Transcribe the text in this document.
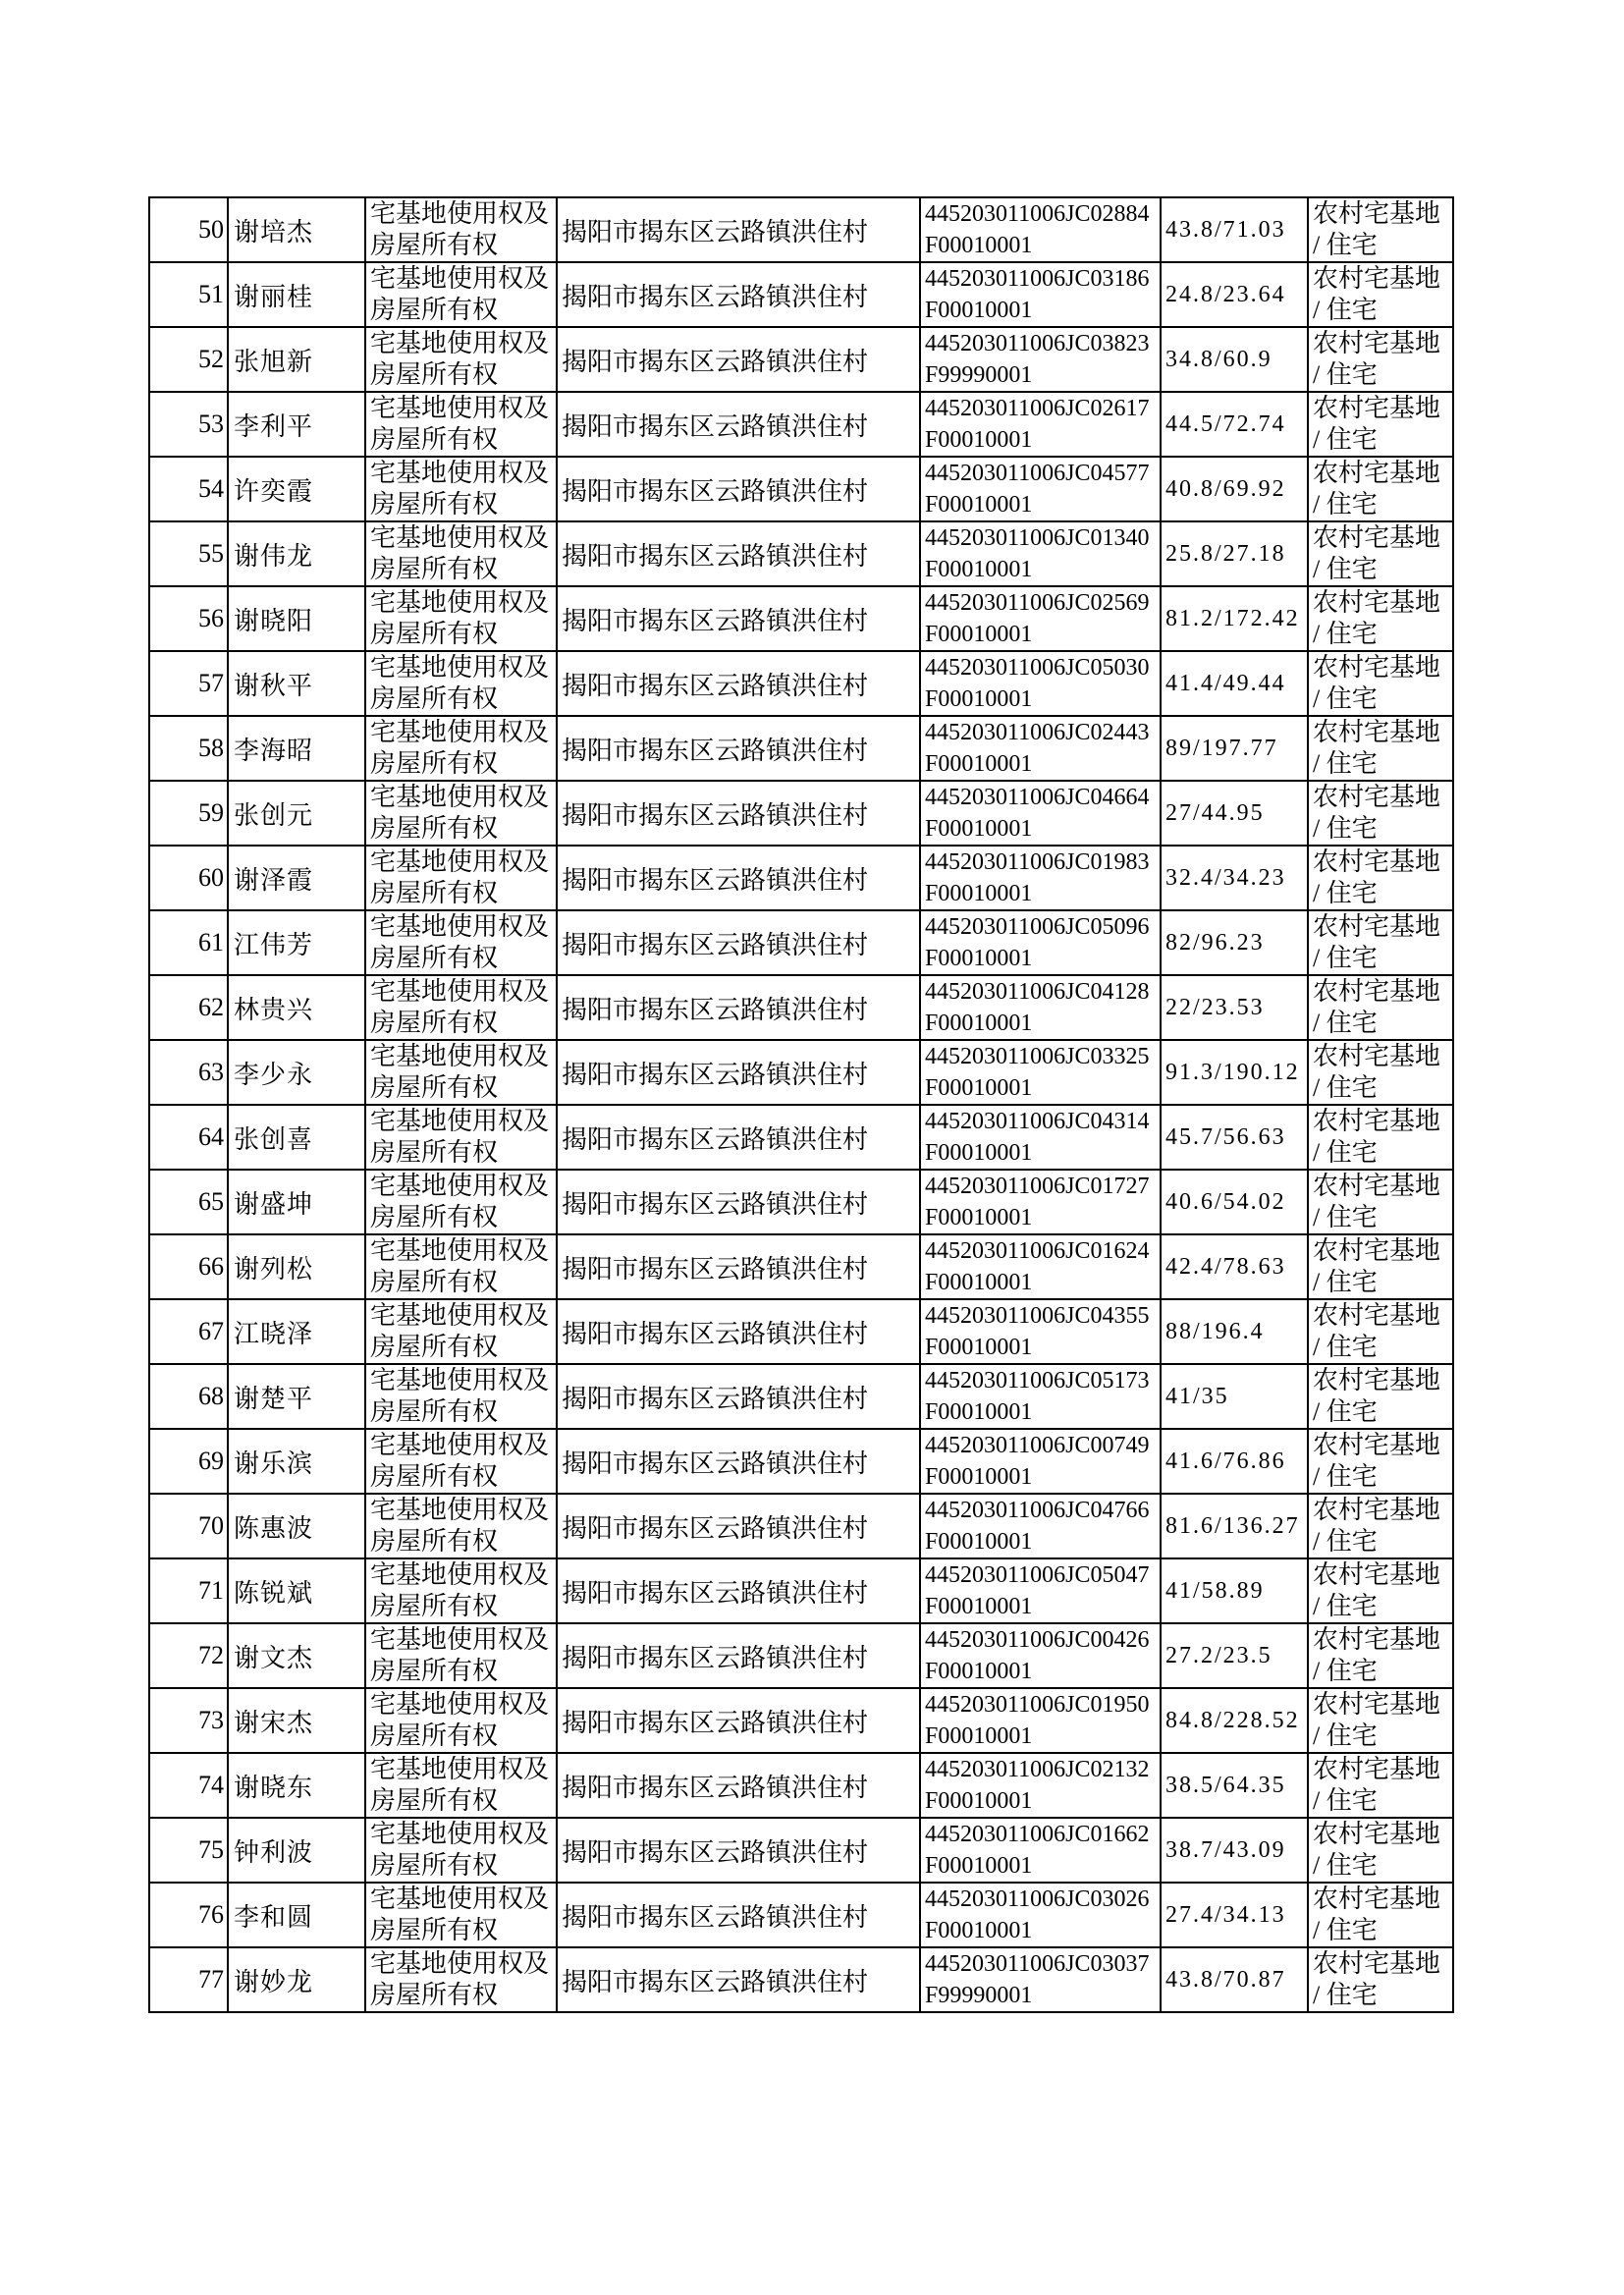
50	谢培杰	宅基地使用权及房屋所有权	揭阳市揭东区云路镇洪住村	445203011006JC02884F00010001	43.8/71.03	农村宅基地 / 住宅

51	谢丽桂	宅基地使用权及房屋所有权	揭阳市揭东区云路镇洪住村	445203011006JC03186F00010001	24.8/23.64	农村宅基地 / 住宅

52	张旭新	宅基地使用权及房屋所有权	揭阳市揭东区云路镇洪住村	445203011006JC03823F99990001	34.8/60.9	农村宅基地 / 住宅

53	李利平	宅基地使用权及房屋所有权	揭阳市揭东区云路镇洪住村	445203011006JC02617F00010001	44.5/72.74	农村宅基地 / 住宅

54	许奕霞	宅基地使用权及房屋所有权	揭阳市揭东区云路镇洪住村	445203011006JC04577F00010001	40.8/69.92	农村宅基地 / 住宅

55	谢伟龙	宅基地使用权及房屋所有权	揭阳市揭东区云路镇洪住村	445203011006JC01340F00010001	25.8/27.18	农村宅基地 / 住宅

56	谢晓阳	宅基地使用权及房屋所有权	揭阳市揭东区云路镇洪住村	445203011006JC02569F00010001	81.2/172.42	农村宅基地 / 住宅

57	谢秋平	宅基地使用权及房屋所有权	揭阳市揭东区云路镇洪住村	445203011006JC05030F00010001	41.4/49.44	农村宅基地 / 住宅

58	李海昭	宅基地使用权及房屋所有权	揭阳市揭东区云路镇洪住村	445203011006JC02443F00010001	89/197.77	农村宅基地 / 住宅

59	张创元	宅基地使用权及房屋所有权	揭阳市揭东区云路镇洪住村	445203011006JC04664F00010001	27/44.95	农村宅基地 / 住宅

60	谢泽霞	宅基地使用权及房屋所有权	揭阳市揭东区云路镇洪住村	445203011006JC01983F00010001	32.4/34.23	农村宅基地 / 住宅

61	江伟芳	宅基地使用权及房屋所有权	揭阳市揭东区云路镇洪住村	445203011006JC05096F00010001	82/96.23	农村宅基地 / 住宅

62	林贵兴	宅基地使用权及房屋所有权	揭阳市揭东区云路镇洪住村	445203011006JC04128F00010001	22/23.53	农村宅基地 / 住宅

63	李少永	宅基地使用权及房屋所有权	揭阳市揭东区云路镇洪住村	445203011006JC03325F00010001	91.3/190.12	农村宅基地 / 住宅

64	张创喜	宅基地使用权及房屋所有权	揭阳市揭东区云路镇洪住村	445203011006JC04314F00010001	45.7/56.63	农村宅基地 / 住宅

65	谢盛坤	宅基地使用权及房屋所有权	揭阳市揭东区云路镇洪住村	445203011006JC01727F00010001	40.6/54.02	农村宅基地 / 住宅

66	谢列松	宅基地使用权及房屋所有权	揭阳市揭东区云路镇洪住村	445203011006JC01624F00010001	42.4/78.63	农村宅基地 / 住宅

67	江晓泽	宅基地使用权及房屋所有权	揭阳市揭东区云路镇洪住村	445203011006JC04355F00010001	88/196.4	农村宅基地 / 住宅

68	谢楚平	宅基地使用权及房屋所有权	揭阳市揭东区云路镇洪住村	445203011006JC05173F00010001	41/35	农村宅基地 / 住宅

69	谢乐滨	宅基地使用权及房屋所有权	揭阳市揭东区云路镇洪住村	445203011006JC00749F00010001	41.6/76.86	农村宅基地 / 住宅

70	陈惠波	宅基地使用权及房屋所有权	揭阳市揭东区云路镇洪住村	445203011006JC04766F00010001	81.6/136.27	农村宅基地 / 住宅

71	陈锐斌	宅基地使用权及房屋所有权	揭阳市揭东区云路镇洪住村	445203011006JC05047F00010001	41/58.89	农村宅基地 / 住宅

72	谢文杰	宅基地使用权及房屋所有权	揭阳市揭东区云路镇洪住村	445203011006JC00426F00010001	27.2/23.5	农村宅基地 / 住宅

73	谢宋杰	宅基地使用权及房屋所有权	揭阳市揭东区云路镇洪住村	445203011006JC01950F00010001	84.8/228.52	农村宅基地 / 住宅

74	谢晓东	宅基地使用权及房屋所有权	揭阳市揭东区云路镇洪住村	445203011006JC02132F00010001	38.5/64.35	农村宅基地 / 住宅

75	钟利波	宅基地使用权及房屋所有权	揭阳市揭东区云路镇洪住村	445203011006JC01662F00010001	38.7/43.09	农村宅基地 / 住宅

76	李和圆	宅基地使用权及房屋所有权	揭阳市揭东区云路镇洪住村	445203011006JC03026F00010001	27.4/34.13	农村宅基地 / 住宅

77	谢妙龙	宅基地使用权及房屋所有权	揭阳市揭东区云路镇洪住村	445203011006JC03037F99990001	43.8/70.87	农村宅基地 / 住宅
